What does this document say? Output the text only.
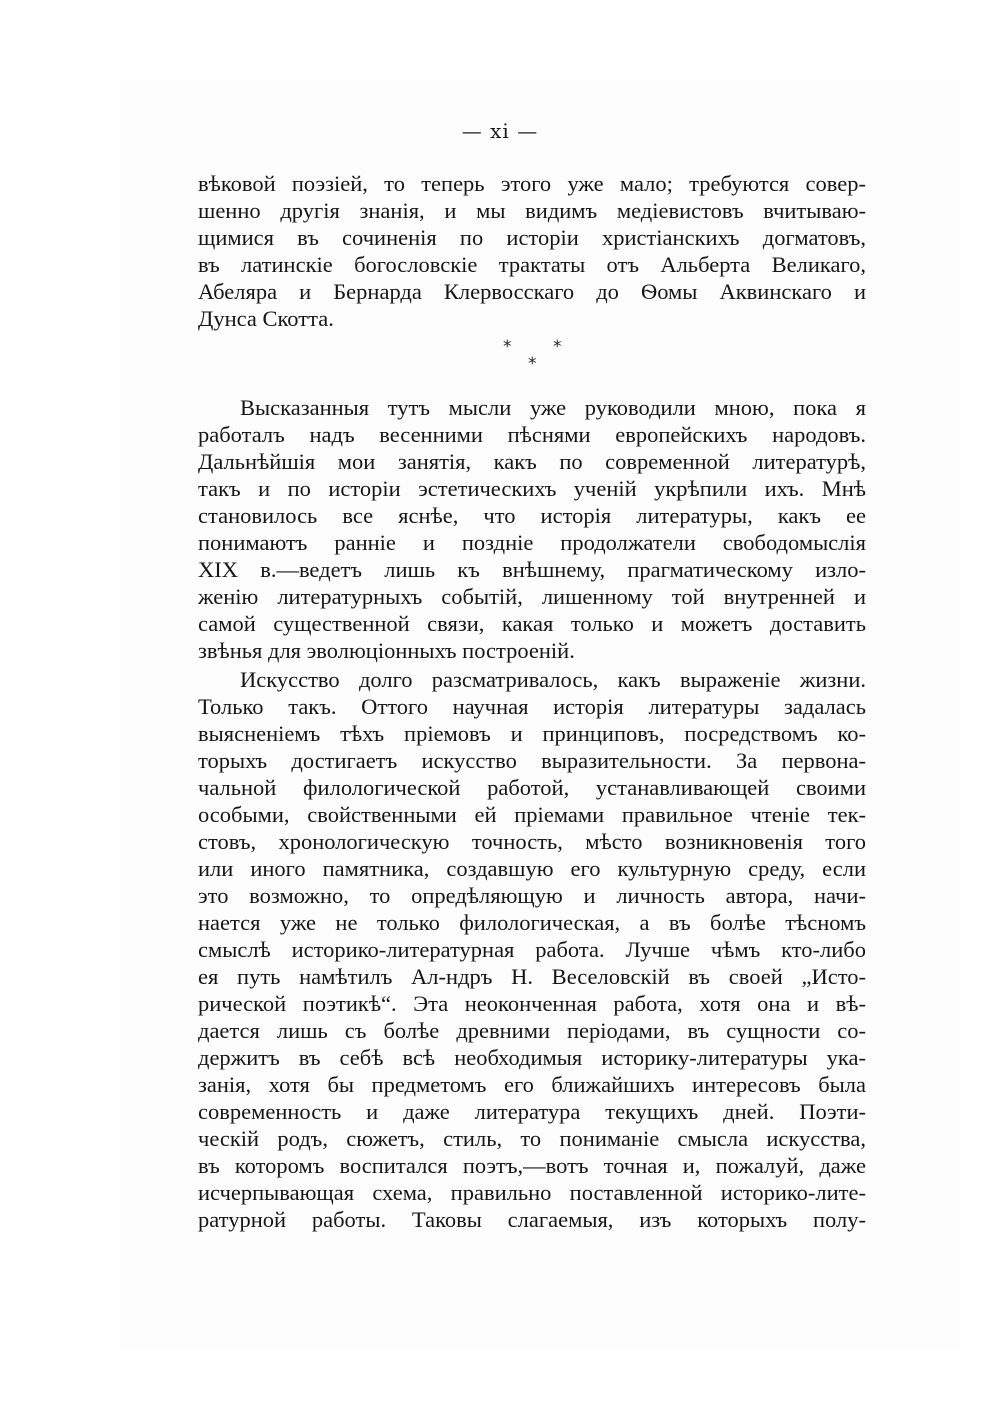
— xi —
вѣковой поэзіей, то теперь этого уже мало; требуются совер-
шенно другія знанія, и мы видимъ медіевистовъ вчитываю-
щимися въ сочиненія по исторіи христіанскихъ догматовъ,
въ латинскіе богословскіе трактаты отъ Альберта Великаго,
Абеляра и Бернарда Клервосскаго до Ѳомы Аквинскаго и
Дунса Скотта.
* *
*
Высказанныя тутъ мысли уже руководили мною, пока я
работалъ надъ весенними пѣснями европейскихъ народовъ.
Дальнѣйшія мои занятія, какъ по современной литературѣ,
такъ и по исторіи эстетическихъ ученій укрѣпили ихъ. Мнѣ
становилось все яснѣе, что исторія литературы, какъ ее
понимаютъ ранніе и поздніе продолжатели свободомыслія
XIX в.—ведетъ лишь къ внѣшнему, прагматическому изло-
женію литературныхъ событій, лишенному той внутренней и
самой существенной связи, какая только и можетъ доставить
звѣнья для эволюціонныхъ построеній.
Искусство долго разсматривалось, какъ выраженіе жизни.
Только такъ. Оттого научная исторія литературы задалась
выясненіемъ тѣхъ пріемовъ и принциповъ, посредствомъ ко-
торыхъ достигаетъ искусство выразительности. За первона-
чальной филологической работой, устанавливающей своими
особыми, свойственными ей пріемами правильное чтеніе тек-
стовъ, хронологическую точность, мѣсто возникновенія того
или иного памятника, создавшую его культурную среду, если
это возможно, то опредѣляющую и личность автора, начи-
нается уже не только филологическая, а въ болѣе тѣсномъ
смыслѣ историко-литературная работа. Лучше чѣмъ кто-либо
ея путь намѣтилъ Ал-ндръ Н. Веселовскій въ своей „Исто-
рической поэтикѣ“. Эта неоконченная работа, хотя она и вѣ-
дается лишь съ болѣе древними періодами, въ сущности со-
держитъ въ себѣ всѣ необходимыя историку-литературы ука-
занія, хотя бы предметомъ его ближайшихъ интересовъ была
современность и даже литература текущихъ дней. Поэти-
ческій родъ, сюжетъ, стиль, то пониманіе смысла искусства,
въ которомъ воспитался поэтъ,—вотъ точная и, пожалуй, даже
исчерпывающая схема, правильно поставленной историко-лите-
ратурной работы. Таковы слагаемыя, изъ которыхъ полу-
